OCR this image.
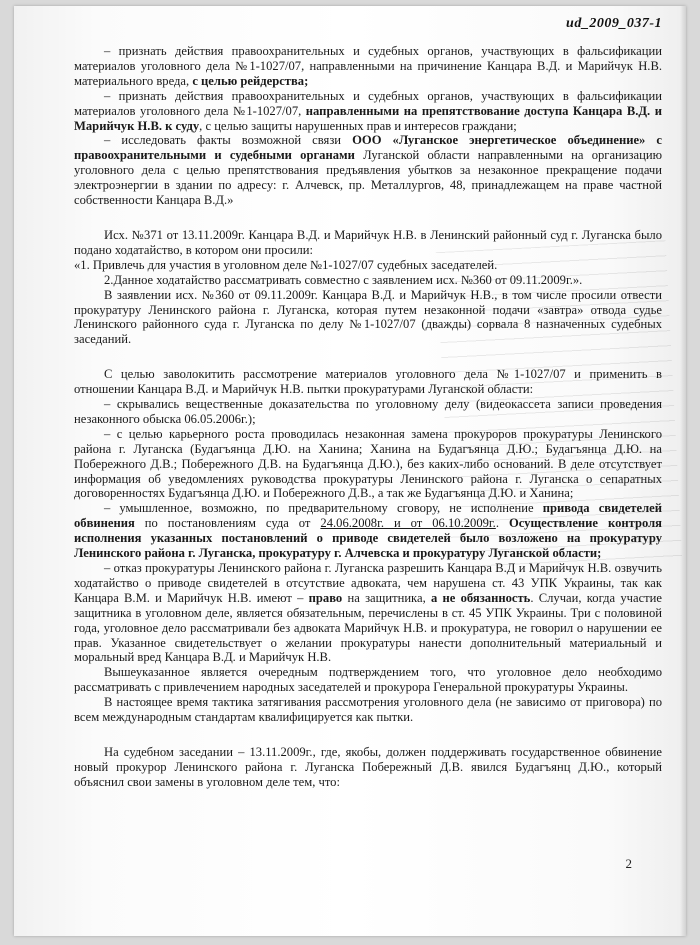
ud_2009_037-1

– признать действия правоохранительных и судебных органов, участвующих в фальсификации материалов уголовного дела №1-1027/07, направленными на причинение Канцара В.Д. и Марийчук Н.В. материального вреда, с целью рейдерства;

– признать действия правоохранительных и судебных органов, участвующих в фальсификации материалов уголовного дела №1-1027/07, направленными на препятствование доступа Канцара В.Д. и Марийчук Н.В. к суду, с целью защиты нарушенных прав и интересов граждани;

– исследовать факты возможной связи ООО «Луганское энергетическое объединение» с правоохранительными и судебными органами Луганской области направленными на организацию уголовного дела с целью препятствования предъявления убытков за незаконное прекращение подачи электроэнергии в здании по адресу: г. Алчевск, пр. Металлургов, 48, принадлежащем на праве частной собственности Канцара В.Д.»

Исх. №371 от 13.11.2009г. Канцара В.Д. и Марийчук Н.В. в Ленинский районный суд г. Луганска было подано ходатайство, в котором они просили:

«1. Привлечь для участия в уголовном деле №1-1027/07 судебных заседателей.

2.Данное ходатайство рассматривать совместно с заявлением исх. №360 от 09.11.2009г.».

В заявлении исх. №360 от 09.11.2009г. Канцара В.Д. и Марийчук Н.В., в том числе просили отвести прокуратуру Ленинского района г. Луганска, которая путем незаконной подачи «завтра» отвода судье Ленинского районного суда г. Луганска по делу №1-1027/07 (дважды) сорвала 8 назначенных судебных заседаний.

С целью заволокитить рассмотрение материалов уголовного дела №1-1027/07 и применить в отношении Канцара В.Д. и Марийчук Н.В. пытки прокуратурами Луганской области:

– скрывались вещественные доказательства по уголовному делу (видеокассета записи проведения незаконного обыска 06.05.2006г.);

– с целью карьерного роста проводилась незаконная замена прокуроров прокуратуры Ленинского района г. Луганска (Будагъянца Д.Ю. на Ханина; Ханина на Будагъянца Д.Ю.; Будагъянца Д.Ю. на Побережного Д.В.; Побережного Д.В. на Будагъянца Д.Ю.), без каких-либо оснований. В деле отсутствует информация об уведомлениях руководства прокуратуры Ленинского района г. Луганска о сепаратных договоренностях Будагъянца Д.Ю. и Побережного Д.В., а так же Будагъянца Д.Ю. и Ханина;

– умышленное, возможно, по предварительному сговору, не исполнение привода свидетелей обвинения по постановлениям суда от 24.06.2008г. и от 06.10.2009г.. Осуществление контроля исполнения указанных постановлений о приводе свидетелей было возложено на прокуратуру Ленинского района г. Луганска, прокуратуру г. Алчевска и прокуратуру Луганской области;

– отказ прокуратуры Ленинского района г. Луганска разрешить Канцара В.Д и Марийчук Н.В. озвучить ходатайство о приводе свидетелей в отсутствие адвоката, чем нарушена ст. 43 УПК Украины, так как Канцара В.М. и Марийчук Н.В. имеют – право на защитника, а не обязанность. Случаи, когда участие защитника в уголовном деле, является обязательным, перечислены в ст. 45 УПК Украины. Три с половиной года, уголовное дело рассматривали без адвоката Марийчук Н.В. и прокуратура, не говорил о нарушении ее прав. Указанное свидетельствует о желании прокуратуры нанести дополнительный материальный и моральный вред Канцара В.Д. и Марийчук Н.В.

Вышеуказанное является очередным подтверждением того, что уголовное дело необходимо рассматривать с привлечением народных заседателей и прокурора Генеральной прокуратуры Украины.

В настоящее время тактика затягивания рассмотрения уголовного дела (не зависимо от приговора) по всем международным стандартам квалифицируется как пытки.

На судебном заседании – 13.11.2009г., где, якобы, должен поддерживать государственное обвинение новый прокурор Ленинского района г. Луганска Побережный Д.В. явился Будагъянц Д.Ю., который объяснил свои замены в уголовном деле тем, что:

2
